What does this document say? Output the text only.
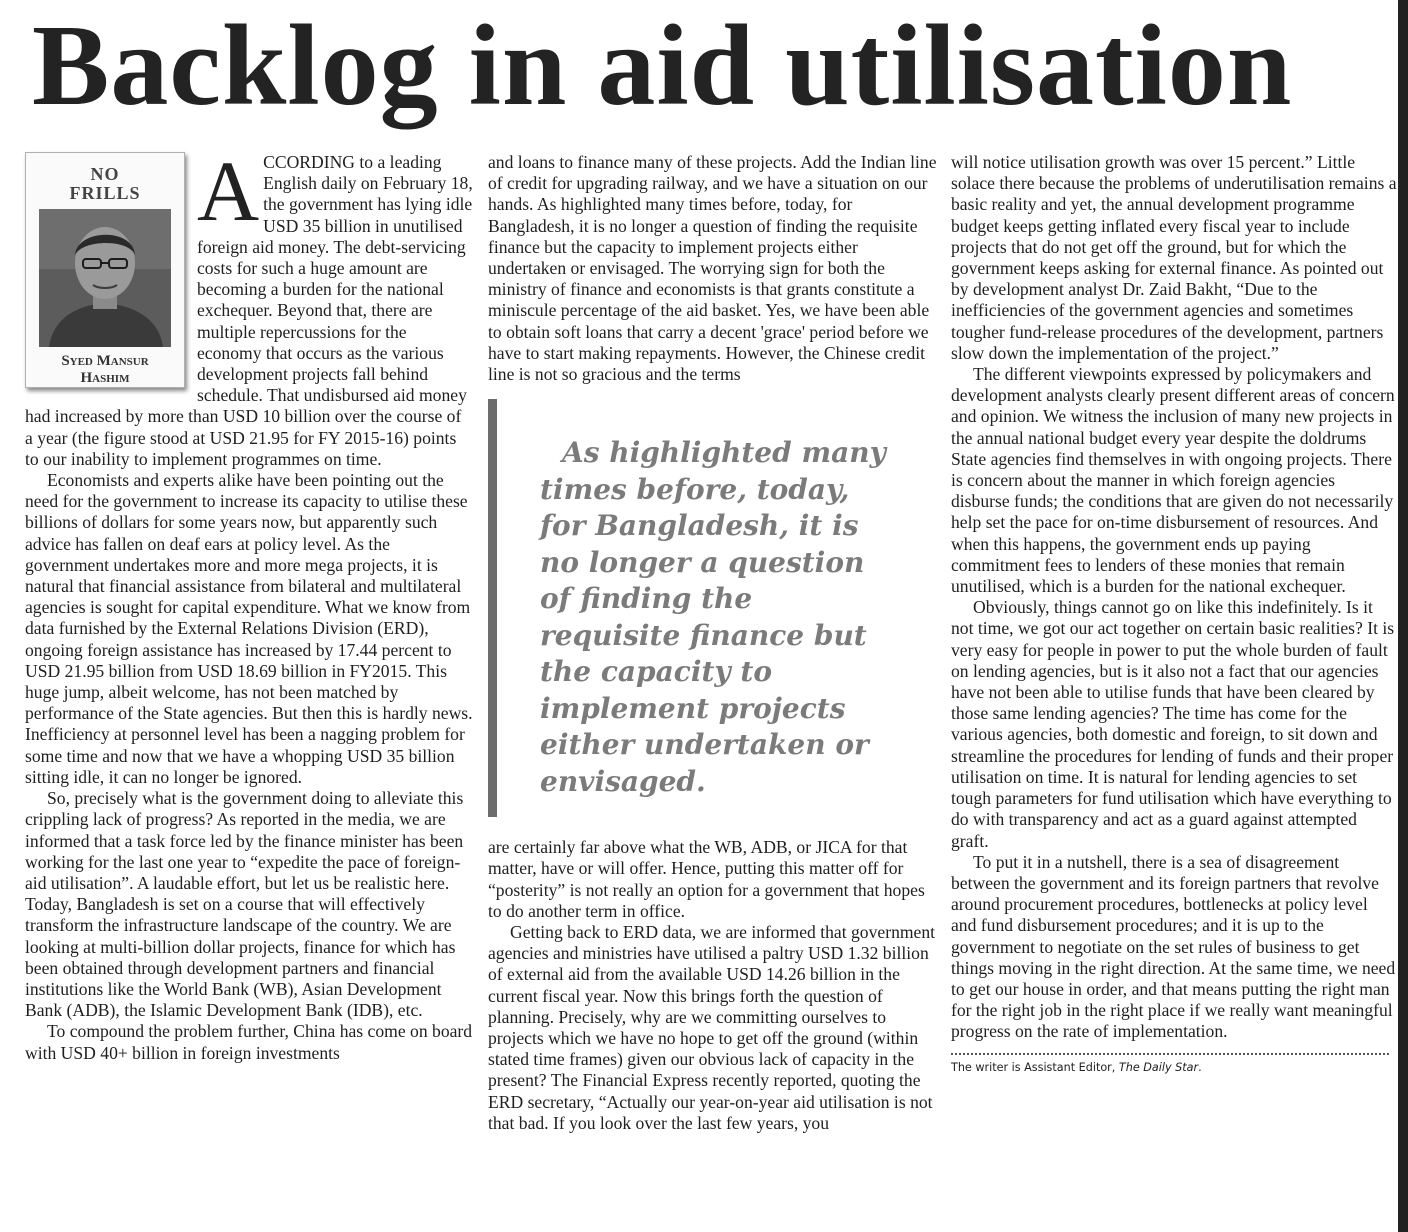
Backlog in aid utilisation
NO
FRILLS
Syed Mansur
Hashim

ACCORDING to a leading English daily on February 18, the government has lying idle USD 35 billion in unutilised foreign aid money. The debt-servicing costs for such a huge amount are becoming a burden for the national exchequer. Beyond that, there are multiple repercussions for the economy that occurs as the various development projects fall behind schedule. That undisbursed aid money had increased by more than USD 10 billion over the course of a year (the figure stood at USD 21.95 for FY 2015-16) points to our inability to implement programmes on time.

Economists and experts alike have been pointing out the need for the government to increase its capacity to utilise these billions of dollars for some years now, but apparently such advice has fallen on deaf ears at policy level. As the government undertakes more and more mega projects, it is natural that financial assistance from bilateral and multilateral agencies is sought for capital expenditure. What we know from data furnished by the External Relations Division (ERD), ongoing foreign assistance has increased by 17.44 percent to USD 21.95 billion from USD 18.69 billion in FY2015. This huge jump, albeit welcome, has not been matched by performance of the State agencies. But then this is hardly news. Inefficiency at personnel level has been a nagging problem for some time and now that we have a whopping USD 35 billion sitting idle, it can no longer be ignored.

So, precisely what is the government doing to alleviate this crippling lack of progress? As reported in the media, we are informed that a task force led by the finance minister has been working for the last one year to “expedite the pace of foreign-aid utilisation”. A laudable effort, but let us be realistic here. Today, Bangladesh is set on a course that will effectively transform the infrastructure landscape of the country. We are looking at multi-billion dollar projects, finance for which has been obtained through development partners and financial institutions like the World Bank (WB), Asian Development Bank (ADB), the Islamic Development Bank (IDB), etc.

To compound the problem further, China has come on board with USD 40+ billion in foreign investments

and loans to finance many of these projects. Add the Indian line of credit for upgrading railway, and we have a situation on our hands. As highlighted many times before, today, for Bangladesh, it is no longer a question of finding the requisite finance but the capacity to implement projects either undertaken or envisaged. The worrying sign for both the ministry of finance and economists is that grants constitute a miniscule percentage of the aid basket. Yes, we have been able to obtain soft loans that carry a decent 'grace' period before we have to start making repayments. However, the Chinese credit line is not so gracious and the terms

As highlighted many times before, today, for Bangladesh, it is no longer a question of finding the requisite finance but the capacity to implement projects either undertaken or envisaged.

are certainly far above what the WB, ADB, or JICA for that matter, have or will offer. Hence, putting this matter off for “posterity” is not really an option for a government that hopes to do another term in office.

Getting back to ERD data, we are informed that government agencies and ministries have utilised a paltry USD 1.32 billion of external aid from the available USD 14.26 billion in the current fiscal year. Now this brings forth the question of planning. Precisely, why are we committing ourselves to projects which we have no hope to get off the ground (within stated time frames) given our obvious lack of capacity in the present? The Financial Express recently reported, quoting the ERD secretary, “Actually our year-on-year aid utilisation is not that bad. If you look over the last few years, you

will notice utilisation growth was over 15 percent.” Little solace there because the problems of underutilisation remains a basic reality and yet, the annual development programme budget keeps getting inflated every fiscal year to include projects that do not get off the ground, but for which the government keeps asking for external finance. As pointed out by development analyst Dr. Zaid Bakht, “Due to the inefficiencies of the government agencies and sometimes tougher fund-release procedures of the development, partners slow down the implementation of the project.”

The different viewpoints expressed by policymakers and development analysts clearly present different areas of concern and opinion. We witness the inclusion of many new projects in the annual national budget every year despite the doldrums State agencies find themselves in with ongoing projects. There is concern about the manner in which foreign agencies disburse funds; the conditions that are given do not necessarily help set the pace for on-time disbursement of resources. And when this happens, the government ends up paying commitment fees to lenders of these monies that remain unutilised, which is a burden for the national exchequer.

Obviously, things cannot go on like this indefinitely. Is it not time, we got our act together on certain basic realities? It is very easy for people in power to put the whole burden of fault on lending agencies, but is it also not a fact that our agencies have not been able to utilise funds that have been cleared by those same lending agencies? The time has come for the various agencies, both domestic and foreign, to sit down and streamline the procedures for lending of funds and their proper utilisation on time. It is natural for lending agencies to set tough parameters for fund utilisation which have everything to do with transparency and act as a guard against attempted graft.

To put it in a nutshell, there is a sea of disagreement between the government and its foreign partners that revolve around procurement procedures, bottlenecks at policy level and fund disbursement procedures; and it is up to the government to negotiate on the set rules of business to get things moving in the right direction. At the same time, we need to get our house in order, and that means putting the right man for the right job in the right place if we really want meaningful progress on the rate of implementation.

The writer is Assistant Editor, The Daily Star.
